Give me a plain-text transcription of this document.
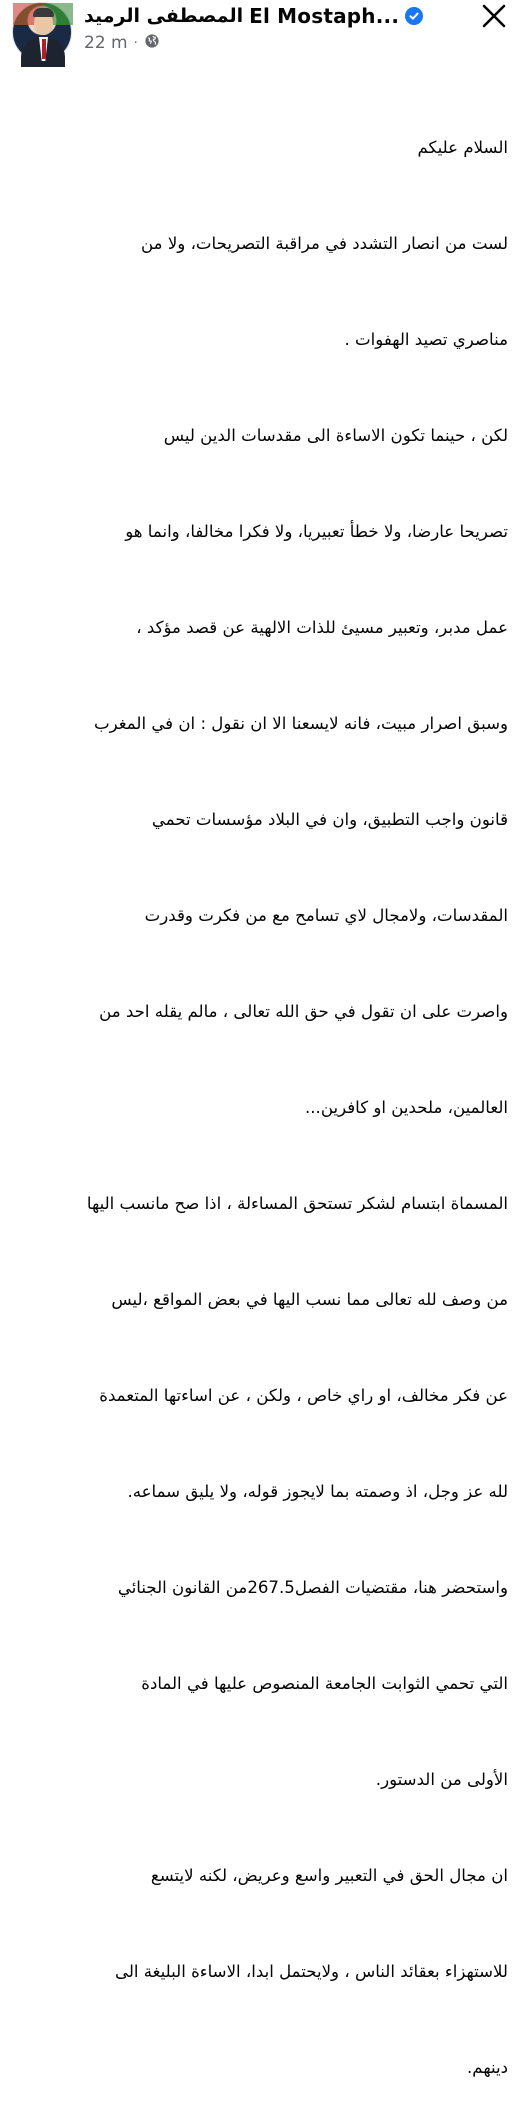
المصطفى الرميد El Mostaph...
22 m ·

السلام عليكم

لست من انصار التشدد في مراقبة التصريحات، ولا من

مناصري تصيد الهفوات .

لكن ، حينما تكون الاساءة الى مقدسات الدين ليس

تصريحا عارضا، ولا خطأ تعبيريا، ولا فكرا مخالفا، وانما هو

عمل مدبر، وتعبير مسيئ للذات الالهية عن قصد مؤكد ،

وسبق اصرار مبيت، فانه لايسعنا الا ان نقول : ان في المغرب

قانون واجب التطبيق، وان في البلاد مؤسسات تحمي

المقدسات، ولامجال لاي تسامح مع من فكرت وقدرت

واصرت على ان تقول في حق الله تعالى ، مالم يقله احد من

العالمين، ملحدين او كافرين...

المسماة ابتسام لشكر تستحق المساءلة ، اذا صح مانسب اليها

من وصف لله تعالى مما نسب اليها في بعض المواقع ،ليس

عن فكر مخالف، او راي خاص ، ولكن ، عن اساءتها المتعمدة

لله عز وجل، اذ وصمته بما لايجوز قوله، ولا يليق سماعه.

واستحضر هنا، مقتضيات الفصل267.5من القانون الجنائي

التي تحمي الثوابت الجامعة المنصوص عليها في المادة

الأولى من الدستور.

ان مجال الحق في التعبير واسع وعريض، لكنه لايتسع

للاستهزاء بعقائد الناس ، ولايحتمل ابدا، الاساءة البليغة الى

دينهم.
